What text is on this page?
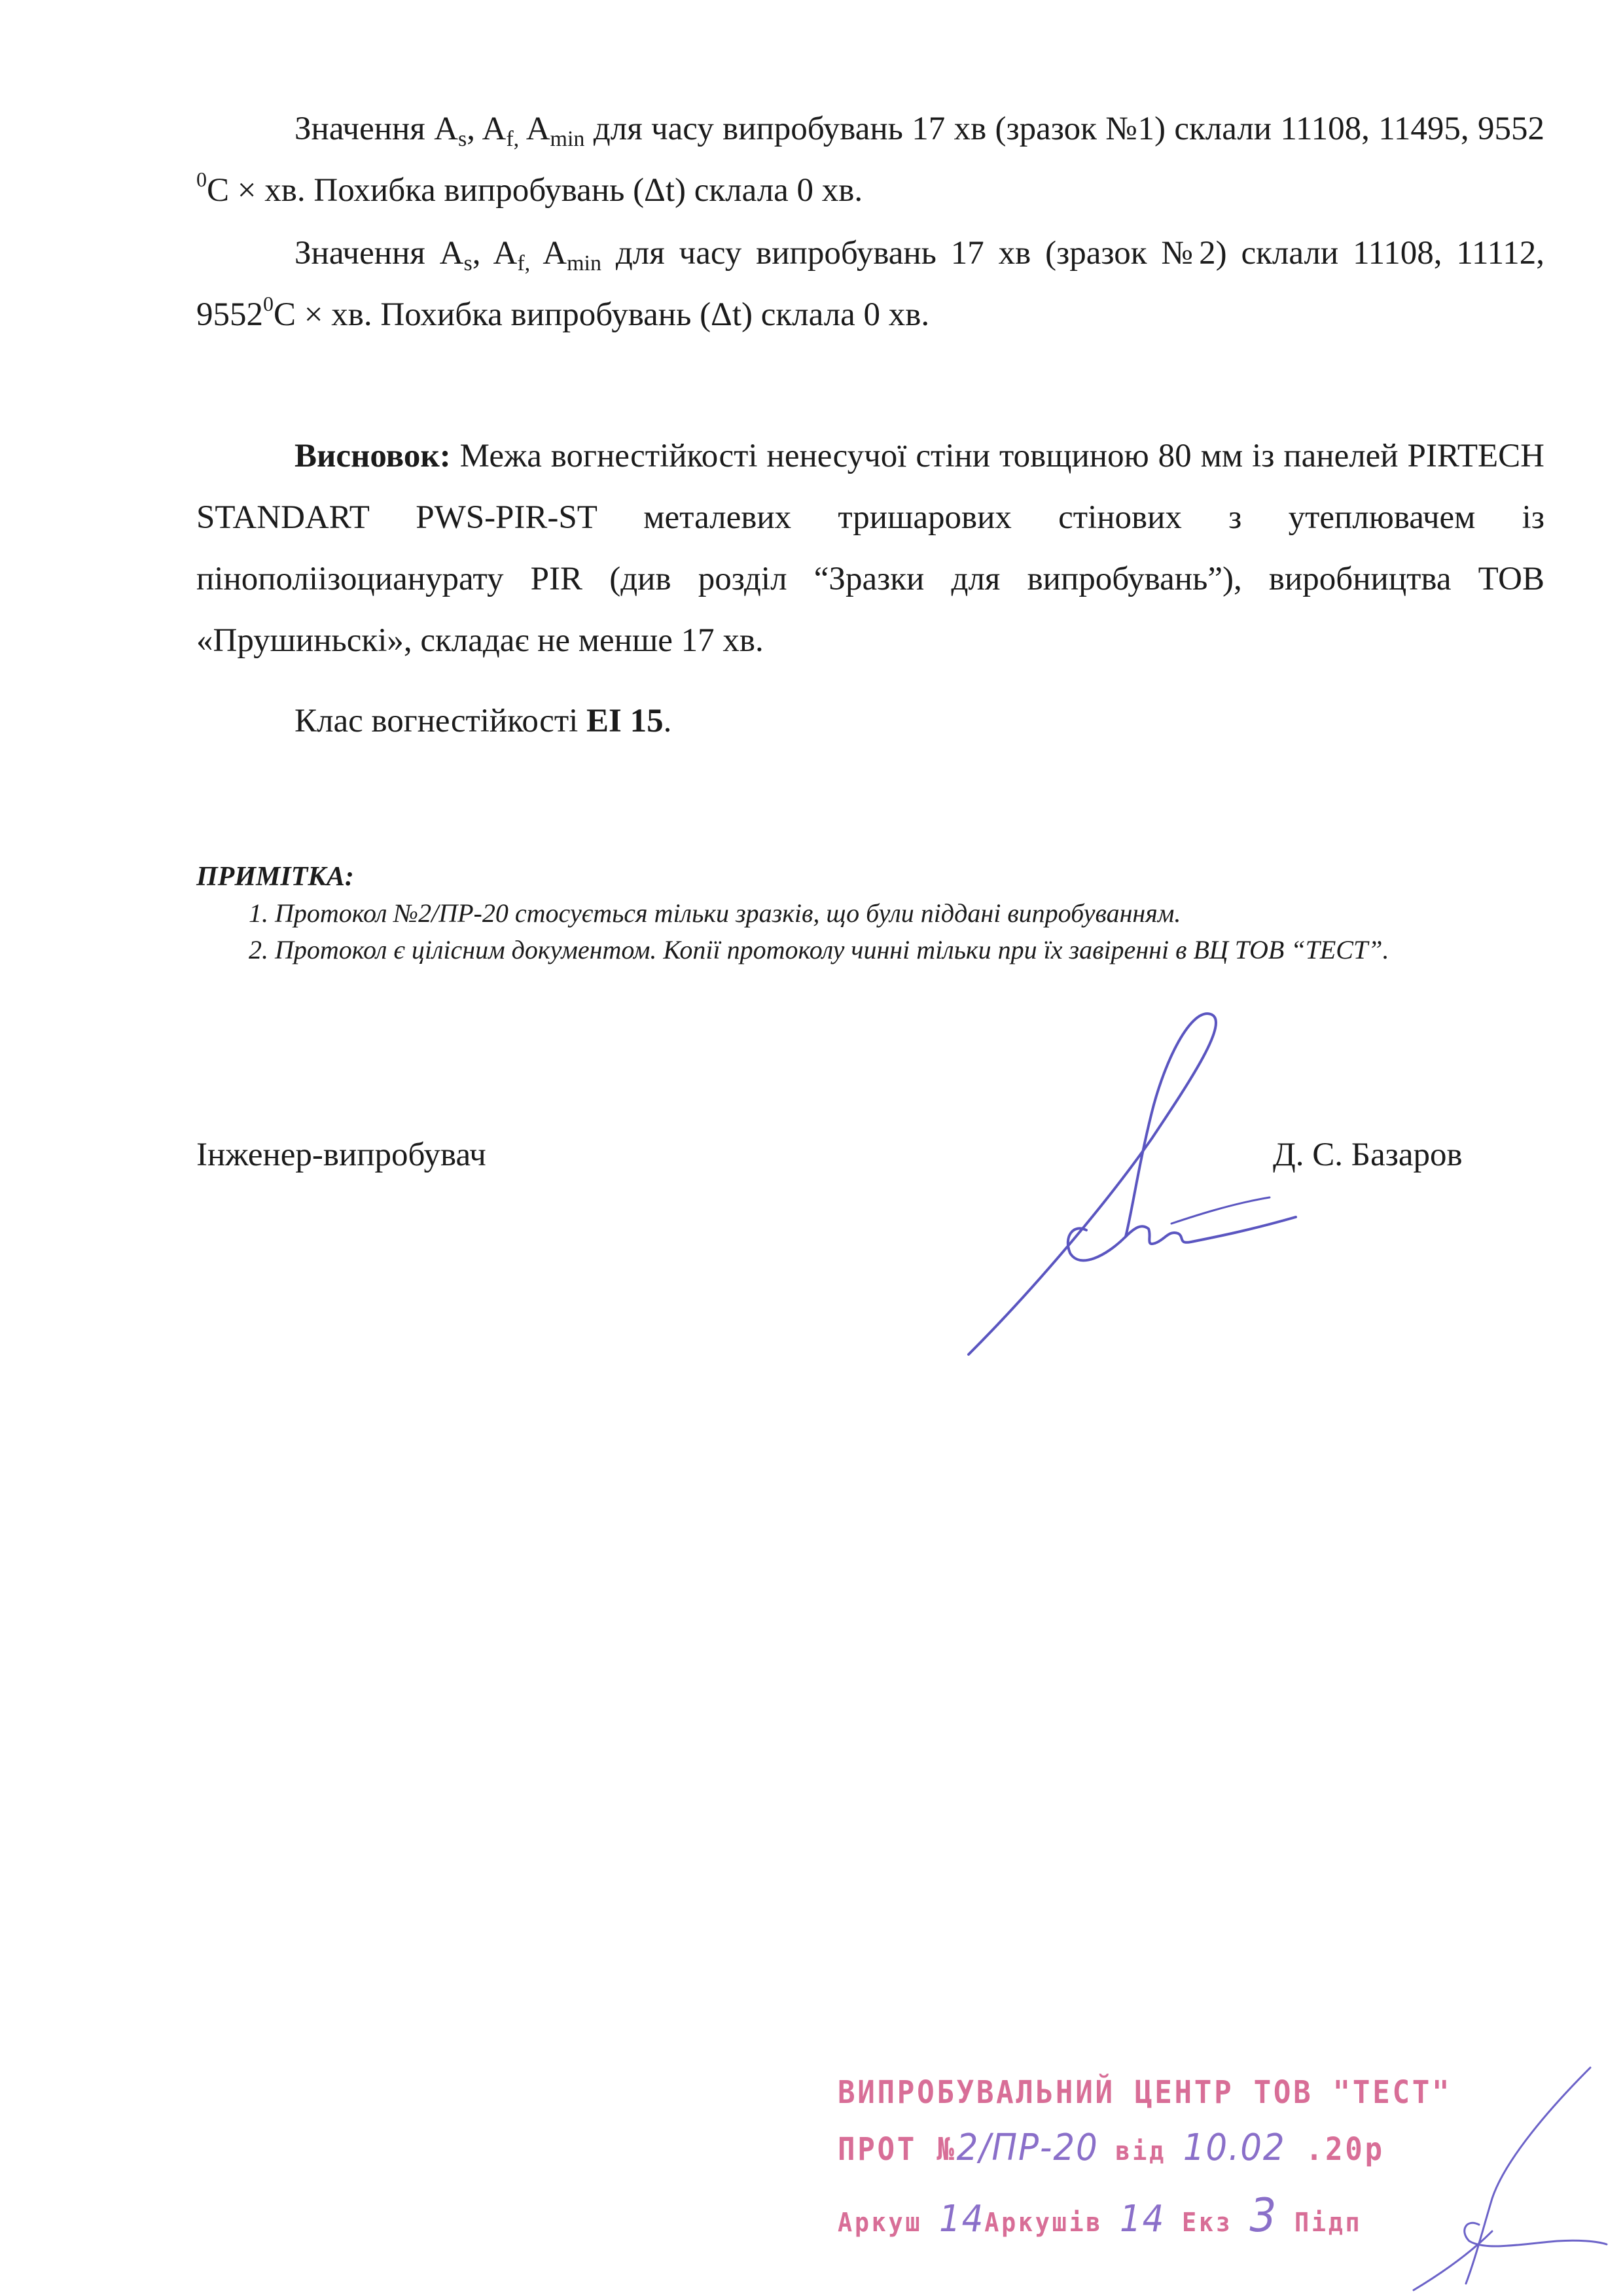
Значення $A_s$, $A_{f,}$ $A_{min}$ для часу випробувань 17 хв (зразок №1) склали 11108, 11495, 9552 $^0$С × хв. Похибка випробувань (Δt) склала 0 хв.

Значення $A_s$, $A_{f,}$ $A_{min}$ для часу випробувань 17 хв (зразок №2) склали 11108, 11112, $9552^0С$ × хв. Похибка випробувань (Δt) склала 0 хв.

Висновок: Межа вогнестійкості ненесучої стіни товщиною 80 мм із панелей PIRTECH STANDART PWS-PIR-ST металевих тришарових стінових з утеплювачем із пінополіізоцианурату PIR (див розділ “Зразки для випробувань”), виробництва ТОВ «Прушиньскі», складає не менше 17 хв.

Клас вогнестійкості EI 15.

ПРИМІТКА:
1. Протокол №2/ПР-20 стосується тільки зразків, що були піддані випробуванням.
2. Протокол є цілісним документом. Копії протоколу чинні тільки при їх завіренні в ВЦ ТОВ “ТЕСТ”.
Інженер-випробувач	Д. С. Базаров
ВИПРОБУВАЛЬНИЙ ЦЕНТР ТОВ "ТЕСТ"
ПРОТ №2/ПР-20 від 10.02 .20р
Аркуш 14Аркушів 14 Екз 3 Підп
